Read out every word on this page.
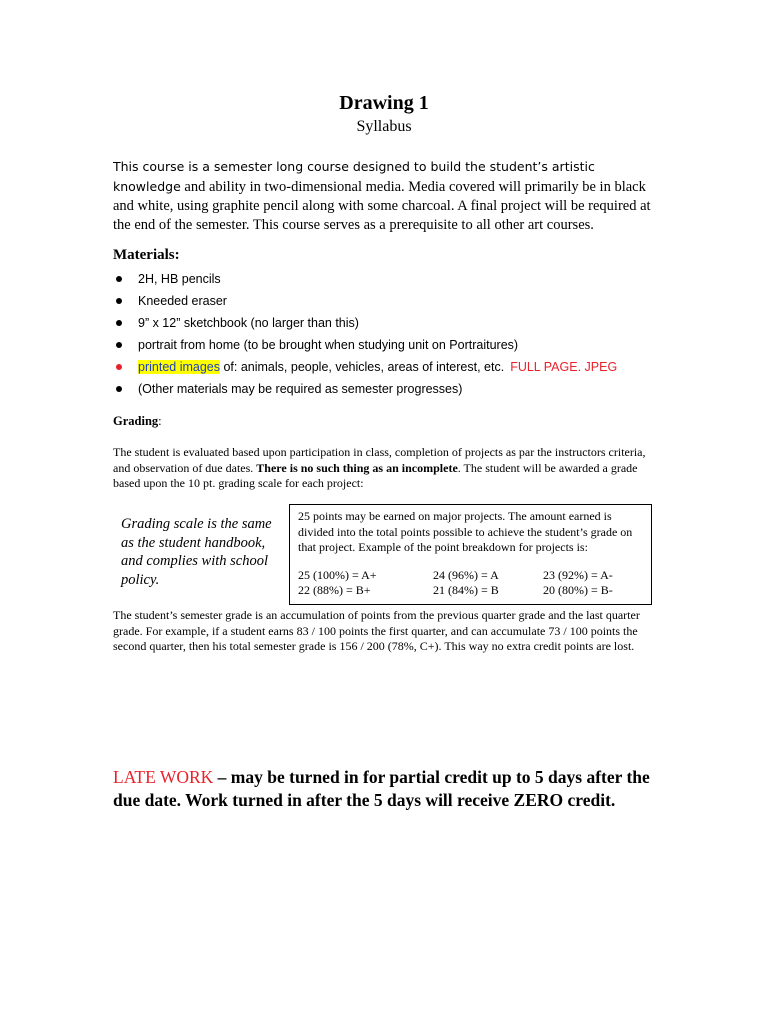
Drawing 1
Syllabus

This course is a semester long course designed to build the student’s artistic knowledge and ability in two-dimensional media. Media covered will primarily be in black and white, using graphite pencil along with some charcoal. A final project will be required at the end of the semester. This course serves as a prerequisite to all other art courses.

Materials:
2H, HB pencils
Kneeded eraser
9” x 12” sketchbook (no larger than this)
portrait from home (to be brought when studying unit on Portraitures)
printed images of: animals, people, vehicles, areas of interest, etc. FULL PAGE. JPEG
(Other materials may be required as semester progresses)
Grading:

The student is evaluated based upon participation in class, completion of projects as par the instructors criteria, and observation of due dates. There is no such thing as an incomplete. The student will be awarded a grade based upon the 10 pt. grading scale for each project:

Grading scale is the same as the student handbook, and complies with school policy.
25 points may be earned on major projects. The amount earned is divided into the total points possible to achieve the student’s grade on that project. Example of the point breakdown for projects is:
25 (100%) = A+	24 (96%) = A	23 (92%) = A-
22 (88%) = B+	21 (84%) = B	20 (80%) = B-

The student’s semester grade is an accumulation of points from the previous quarter grade and the last quarter grade. For example, if a student earns 83 / 100 points the first quarter, and can accumulate 73 / 100 points the second quarter, then his total semester grade is 156 / 200 (78%, C+). This way no extra credit points are lost.

LATE WORK – may be turned in for partial credit up to 5 days after the due date. Work turned in after the 5 days will receive ZERO credit.
